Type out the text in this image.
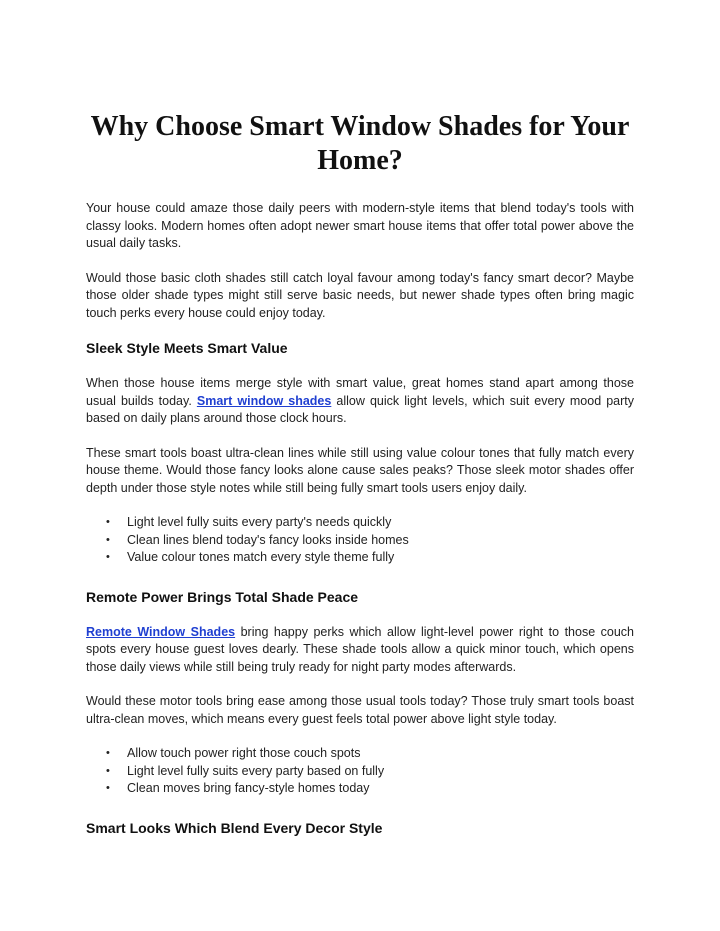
Why Choose Smart Window Shades for Your Home?

Your house could amaze those daily peers with modern-style items that blend today's tools with classy looks. Modern homes often adopt newer smart house items that offer total power above the usual daily tasks.

Would those basic cloth shades still catch loyal favour among today's fancy smart decor? Maybe those older shade types might still serve basic needs, but newer shade types often bring magic touch perks every house could enjoy today.

Sleek Style Meets Smart Value

When those house items merge style with smart value, great homes stand apart among those usual builds today. Smart window shades allow quick light levels, which suit every mood party based on daily plans around those clock hours.

These smart tools boast ultra-clean lines while still using value colour tones that fully match every house theme. Would those fancy looks alone cause sales peaks? Those sleek motor shades offer depth under those style notes while still being fully smart tools users enjoy daily.

• Light level fully suits every party's needs quickly
• Clean lines blend today's fancy looks inside homes
• Value colour tones match every style theme fully
Remote Power Brings Total Shade Peace

Remote Window Shades bring happy perks which allow light-level power right to those couch spots every house guest loves dearly. These shade tools allow a quick minor touch, which opens those daily views while still being truly ready for night party modes afterwards.

Would these motor tools bring ease among those usual tools today? Those truly smart tools boast ultra-clean moves, which means every guest feels total power above light style today.

• Allow touch power right those couch spots
• Light level fully suits every party based on fully
• Clean moves bring fancy-style homes today
Smart Looks Which Blend Every Decor Style
